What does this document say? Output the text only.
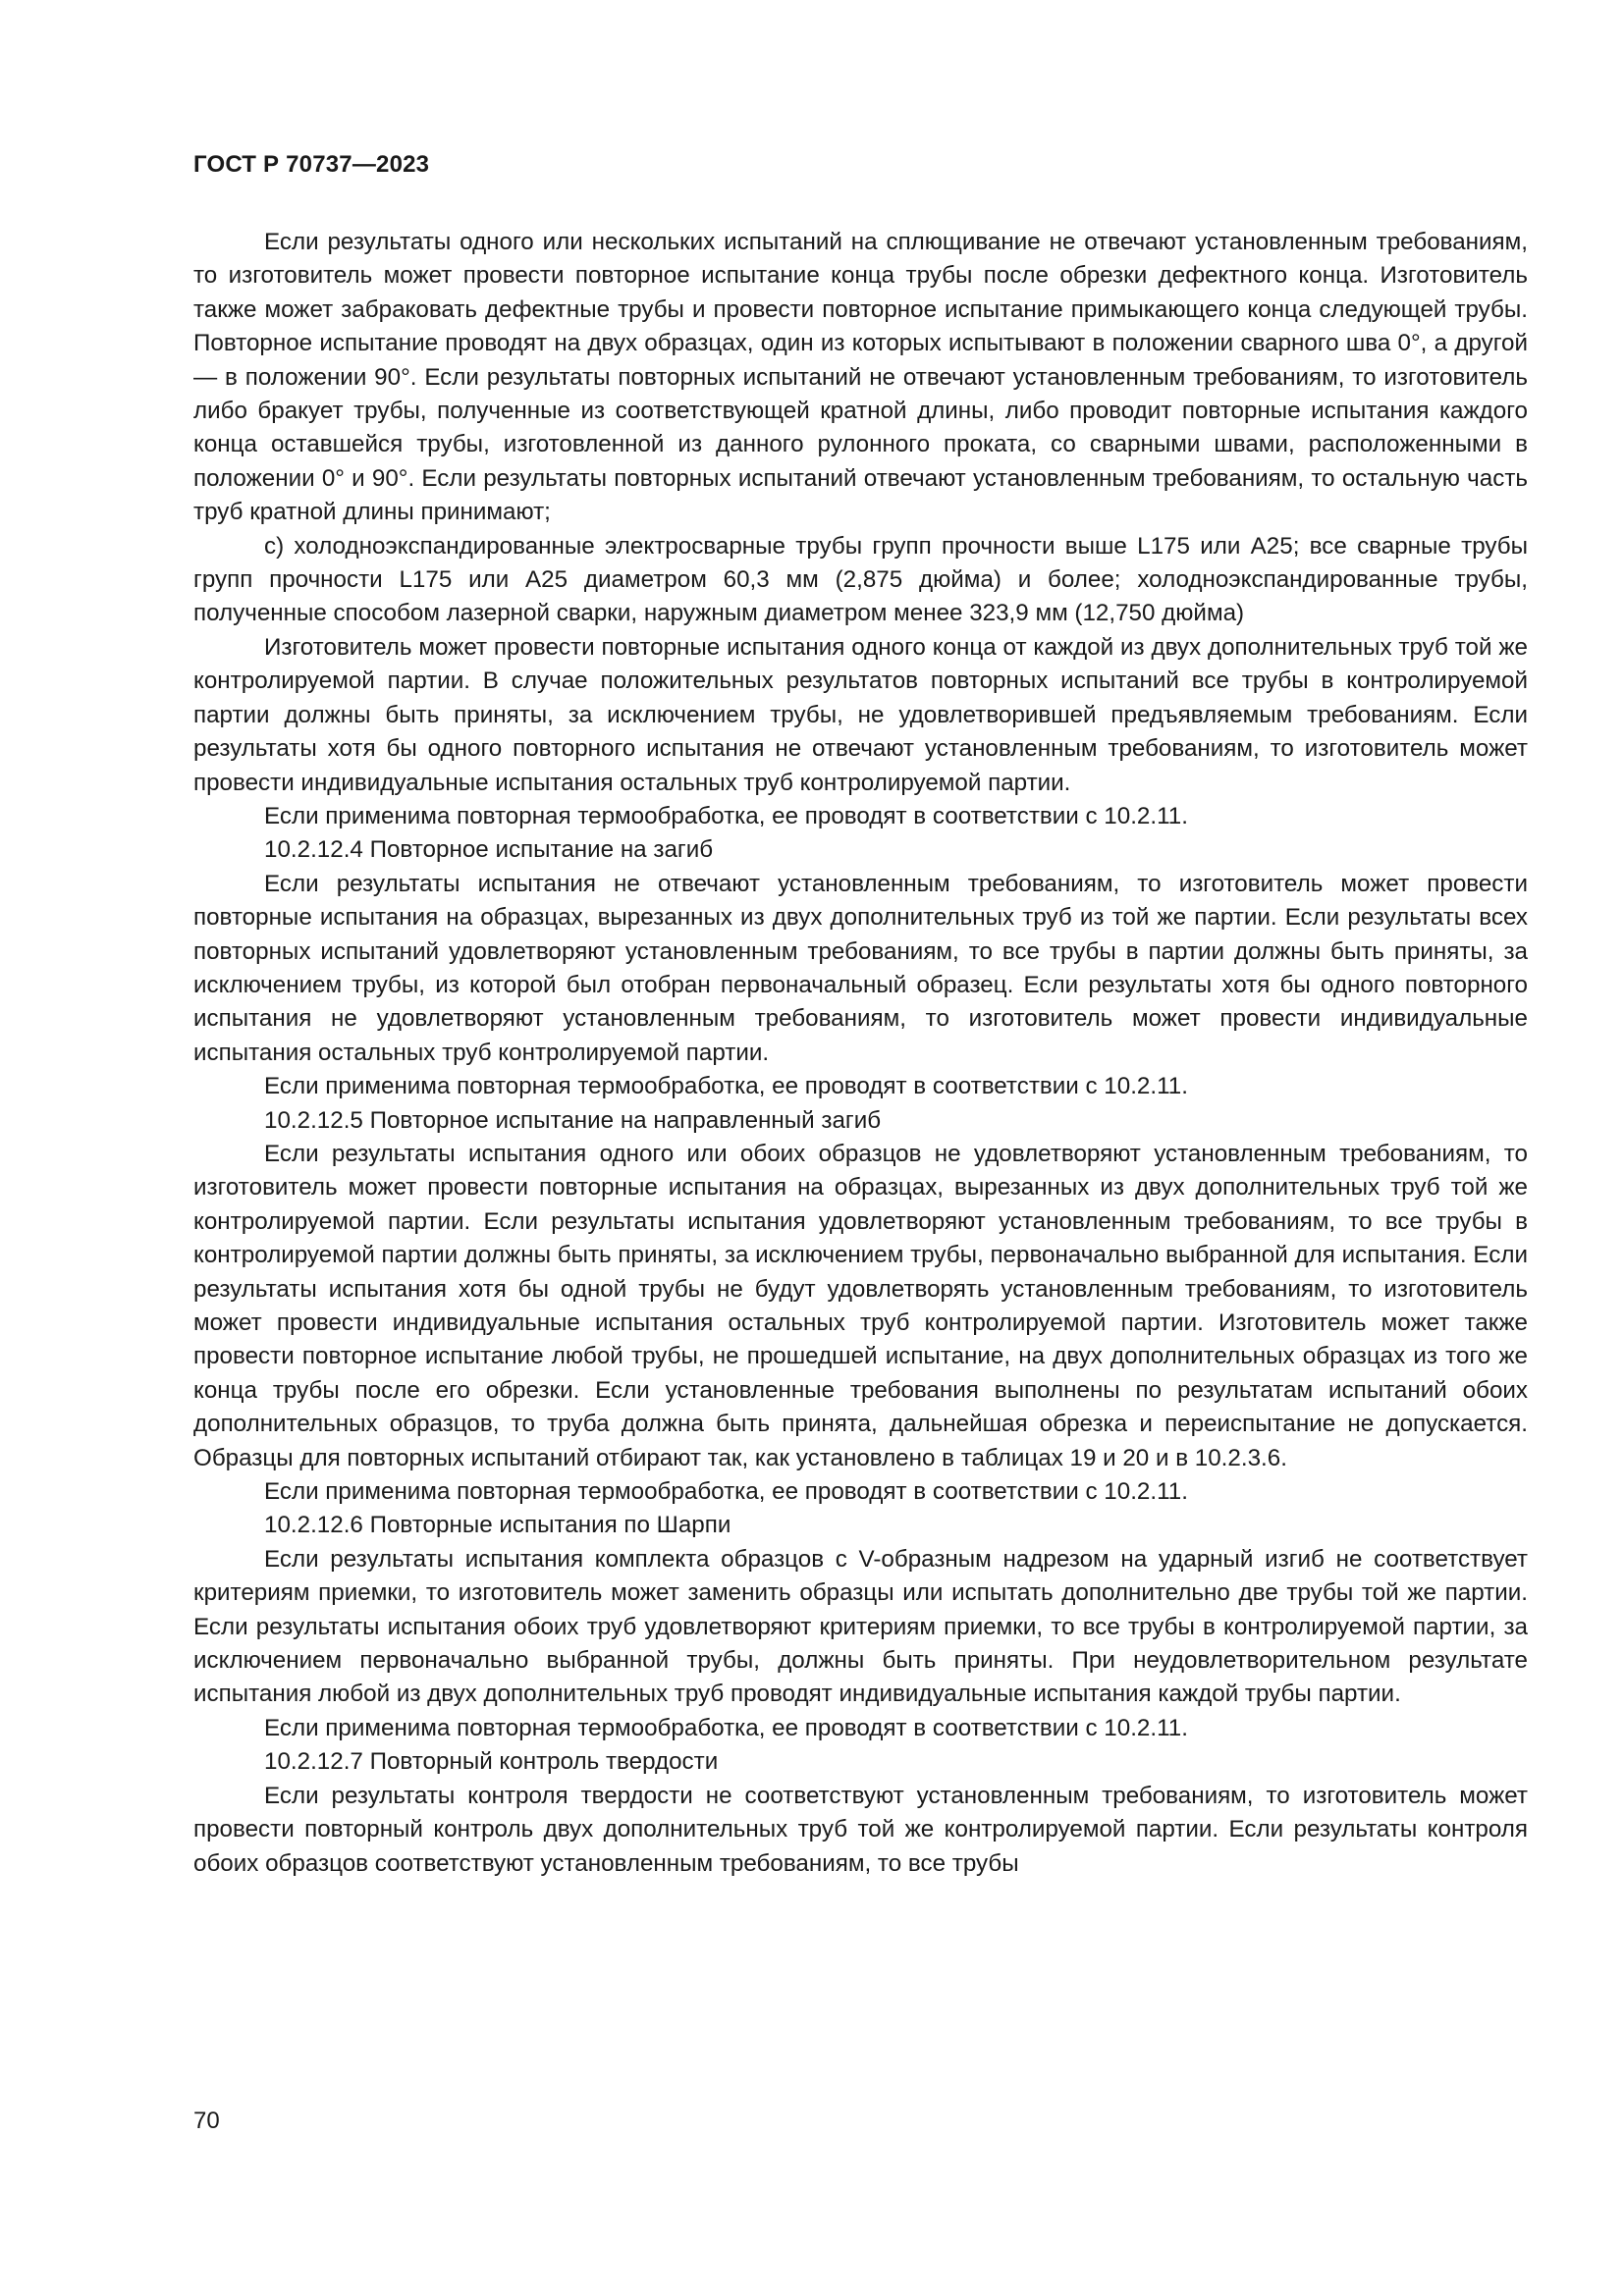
ГОСТ Р 70737—2023

Если результаты одного или нескольких испытаний на сплющивание не отвечают установленным требованиям, то изготовитель может провести повторное испытание конца трубы после обрезки дефектного конца. Изготовитель также может забраковать дефектные трубы и провести повторное испытание примыкающего конца следующей трубы. Повторное испытание проводят на двух образцах, один из которых испытывают в положении сварного шва 0°, а другой — в положении 90°. Если результаты повторных испытаний не отвечают установленным требованиям, то изготовитель либо бракует трубы, полученные из соответствующей кратной длины, либо проводит повторные испытания каждого конца оставшейся трубы, изготовленной из данного рулонного проката, со сварными швами, расположенными в положении 0° и 90°. Если результаты повторных испытаний отвечают установленным требованиям, то остальную часть труб кратной длины принимают;

c) холодноэкспандированные электросварные трубы групп прочности выше L175 или A25; все сварные трубы групп прочности L175 или A25 диаметром 60,3 мм (2,875 дюйма) и более; холодноэкспандированные трубы, полученные способом лазерной сварки, наружным диаметром менее 323,9 мм (12,750 дюйма)

Изготовитель может провести повторные испытания одного конца от каждой из двух дополнительных труб той же контролируемой партии. В случае положительных результатов повторных испытаний все трубы в контролируемой партии должны быть приняты, за исключением трубы, не удовлетворившей предъявляемым требованиям. Если результаты хотя бы одного повторного испытания не отвечают установленным требованиям, то изготовитель может провести индивидуальные испытания остальных труб контролируемой партии.

Если применима повторная термообработка, ее проводят в соответствии с 10.2.11.

10.2.12.4 Повторное испытание на загиб

Если результаты испытания не отвечают установленным требованиям, то изготовитель может провести повторные испытания на образцах, вырезанных из двух дополнительных труб из той же партии. Если результаты всех повторных испытаний удовлетворяют установленным требованиям, то все трубы в партии должны быть приняты, за исключением трубы, из которой был отобран первоначальный образец. Если результаты хотя бы одного повторного испытания не удовлетворяют установленным требованиям, то изготовитель может провести индивидуальные испытания остальных труб контролируемой партии.

Если применима повторная термообработка, ее проводят в соответствии с 10.2.11.

10.2.12.5 Повторное испытание на направленный загиб

Если результаты испытания одного или обоих образцов не удовлетворяют установленным требованиям, то изготовитель может провести повторные испытания на образцах, вырезанных из двух дополнительных труб той же контролируемой партии. Если результаты испытания удовлетворяют установленным требованиям, то все трубы в контролируемой партии должны быть приняты, за исключением трубы, первоначально выбранной для испытания. Если результаты испытания хотя бы одной трубы не будут удовлетворять установленным требованиям, то изготовитель может провести индивидуальные испытания остальных труб контролируемой партии. Изготовитель может также провести повторное испытание любой трубы, не прошедшей испытание, на двух дополнительных образцах из того же конца трубы после его обрезки. Если установленные требования выполнены по результатам испытаний обоих дополнительных образцов, то труба должна быть принята, дальнейшая обрезка и переиспытание не допускается. Образцы для повторных испытаний отбирают так, как установлено в таблицах 19 и 20 и в 10.2.3.6.

Если применима повторная термообработка, ее проводят в соответствии с 10.2.11.

10.2.12.6 Повторные испытания по Шарпи

Если результаты испытания комплекта образцов с V-образным надрезом на ударный изгиб не соответствует критериям приемки, то изготовитель может заменить образцы или испытать дополнительно две трубы той же партии. Если результаты испытания обоих труб удовлетворяют критериям приемки, то все трубы в контролируемой партии, за исключением первоначально выбранной трубы, должны быть приняты. При неудовлетворительном результате испытания любой из двух дополнительных труб проводят индивидуальные испытания каждой трубы партии.

Если применима повторная термообработка, ее проводят в соответствии с 10.2.11.

10.2.12.7 Повторный контроль твердости

Если результаты контроля твердости не соответствуют установленным требованиям, то изготовитель может провести повторный контроль двух дополнительных труб той же контролируемой партии. Если результаты контроля обоих образцов соответствуют установленным требованиям, то все трубы

70
